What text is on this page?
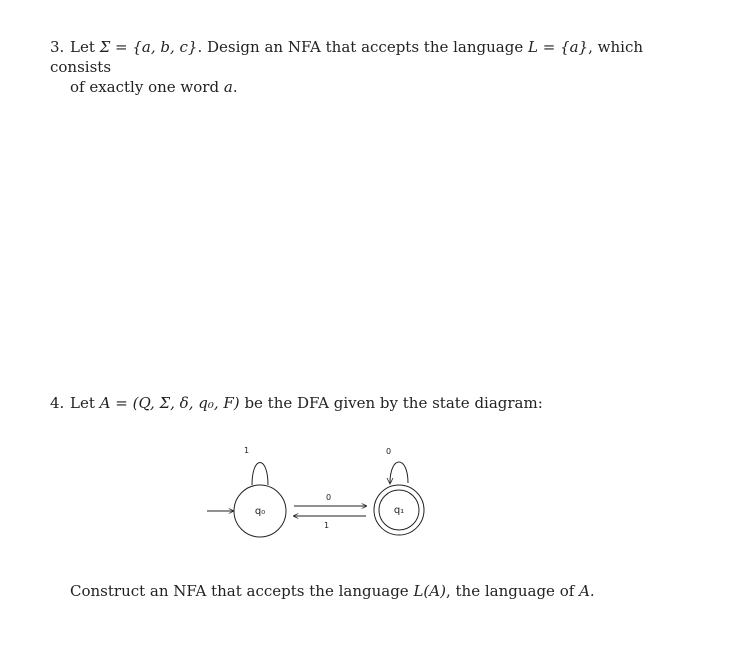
3. Let Σ = {a, b, c}. Design an NFA that accepts the language L = {a}, which consists
of exactly one word a.
4. Let A = (Q, Σ, δ, q₀, F) be the DFA given by the state diagram:
1
q₀
0
1
0
q₁
Construct an NFA that accepts the language L(A), the language of A.
